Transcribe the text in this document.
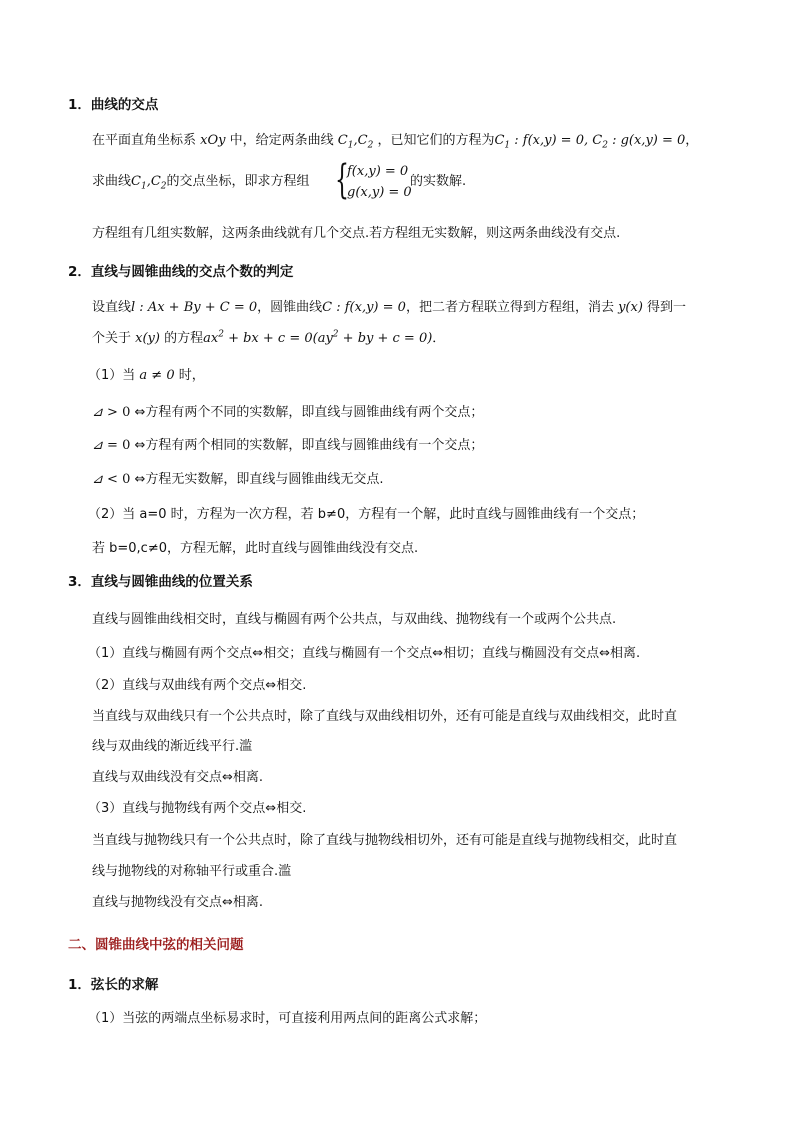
1．曲线的交点
在平面直角坐标系 xOy 中，给定两条曲线 $C_1,C_2$ ，已知它们的方程为$C_1$ : f(x,y) = 0, $C_2$ : g(x,y) = 0，
求曲线$C_1,C_2$的交点坐标，即求方程组 {
f(x,y) = 0
g(x,y) = 0
的实数解.
方程组有几组实数解，这两条曲线就有几个交点.若方程组无实数解，则这两条曲线没有交点.
2．直线与圆锥曲线的交点个数的判定
设直线l : Ax + By + C = 0，圆锥曲线C : f(x,y) = 0，把二者方程联立得到方程组，消去 y(x) 得到一
个关于 x(y) 的方程$ax^2$ + bx + $c = 0(ay^2$ + by + c = 0)．
（1）当 a ≠ 0 时，
⊿ > 0 ⇔方程有两个不同的实数解，即直线与圆锥曲线有两个交点；
⊿ = 0 ⇔方程有两个相同的实数解，即直线与圆锥曲线有一个交点；
⊿ < 0 ⇔方程无实数解，即直线与圆锥曲线无交点.
（2）当 a=0 时，方程为一次方程，若 b≠0，方程有一个解，此时直线与圆锥曲线有一个交点；
若 b=0,c≠0，方程无解，此时直线与圆锥曲线没有交点.
3．直线与圆锥曲线的位置关系
直线与圆锥曲线相交时，直线与椭圆有两个公共点，与双曲线、抛物线有一个或两个公共点.
（1）直线与椭圆有两个交点⇔相交；直线与椭圆有一个交点⇔相切；直线与椭圆没有交点⇔相离.
（2）直线与双曲线有两个交点⇔相交.
当直线与双曲线只有一个公共点时，除了直线与双曲线相切外，还有可能是直线与双曲线相交，此时直
线与双曲线的渐近线平行.滥
直线与双曲线没有交点⇔相离.
（3）直线与抛物线有两个交点⇔相交.
当直线与抛物线只有一个公共点时，除了直线与抛物线相切外，还有可能是直线与抛物线相交，此时直
线与抛物线的对称轴平行或重合.滥
直线与抛物线没有交点⇔相离.
二、圆锥曲线中弦的相关问题
1．弦长的求解
（1）当弦的两端点坐标易求时，可直接利用两点间的距离公式求解；
